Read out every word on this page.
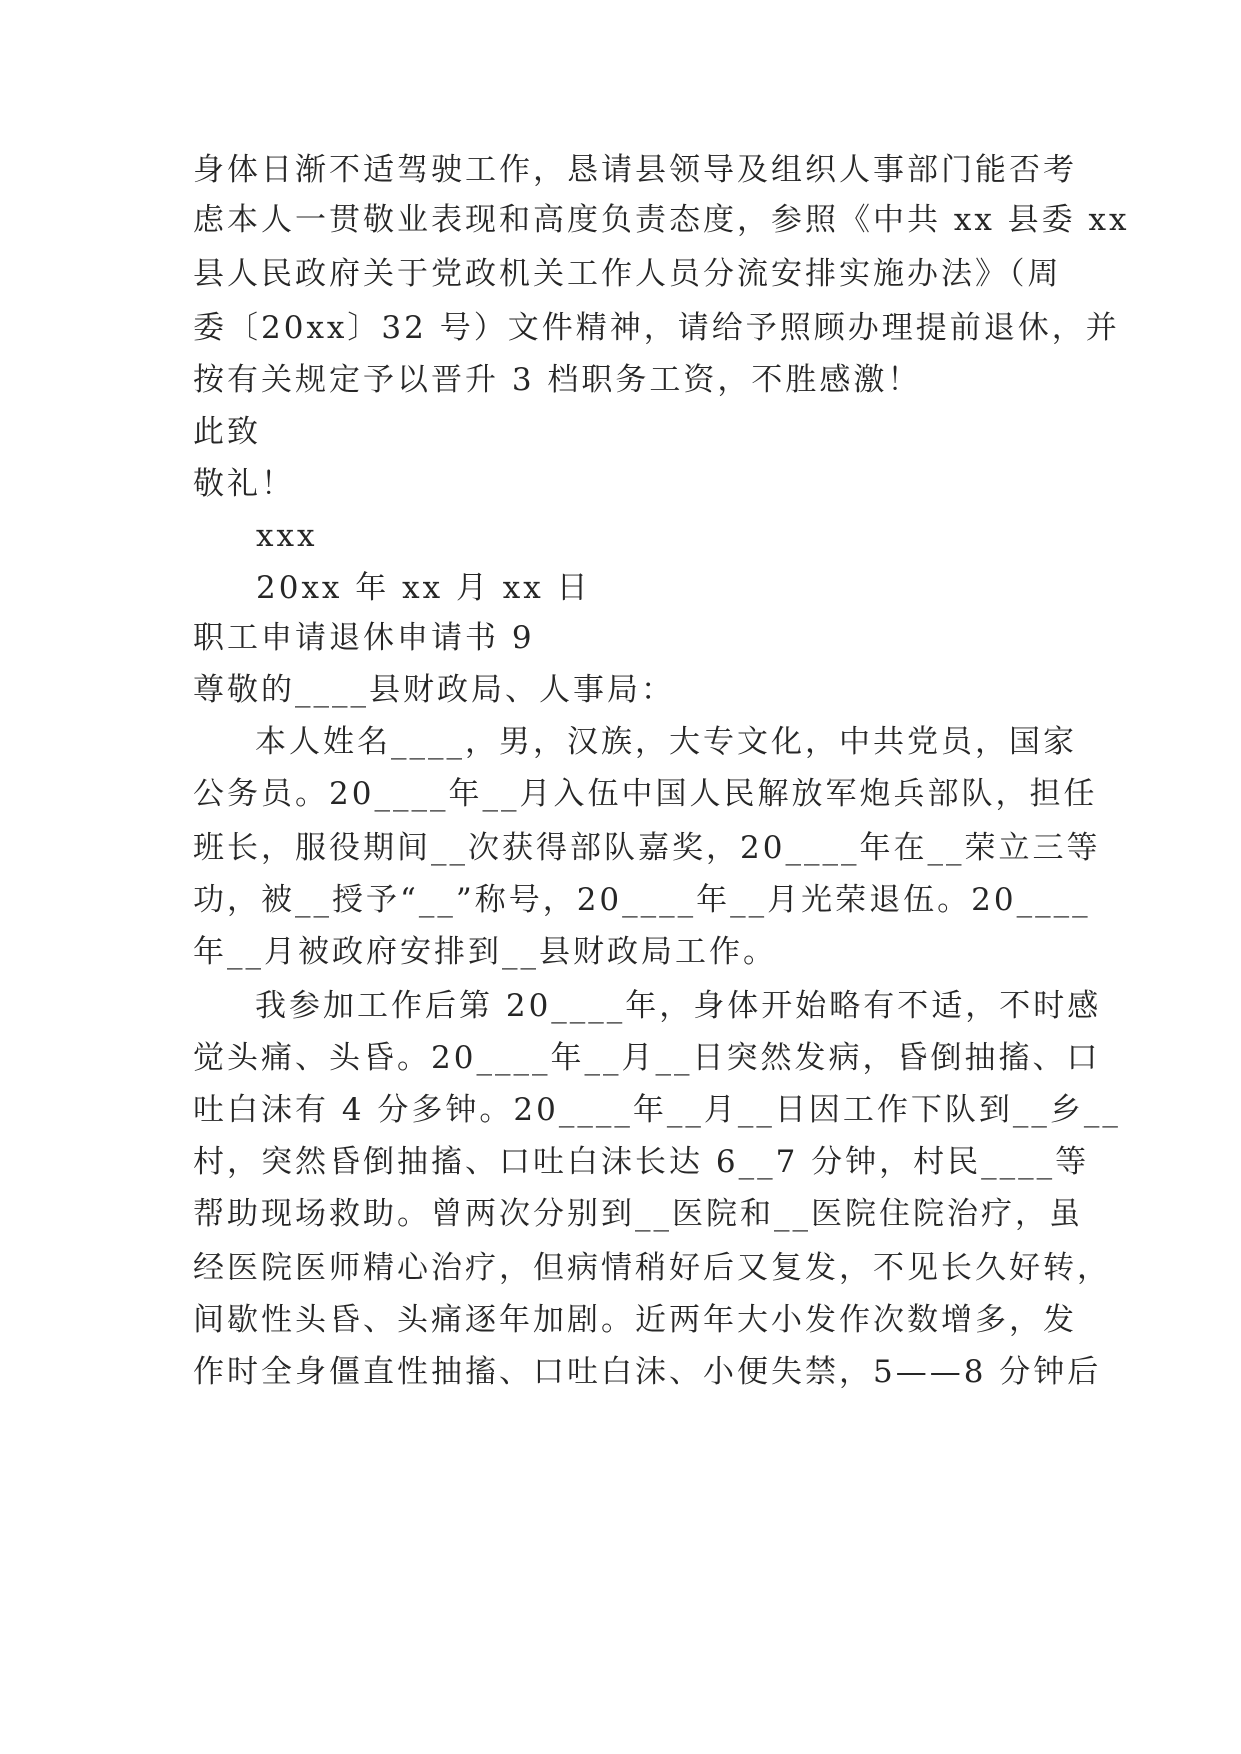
身体日渐不适驾驶工作，恳请县领导及组织人事部门能否考
虑本人一贯敬业表现和高度负责态度，参照《中共 xx 县委 xx
县人民政府关于党政机关工作人员分流安排实施办法》（周
委〔20xx〕32 号）文件精神，请给予照顾办理提前退休，并
按有关规定予以晋升 3 档职务工资，不胜感激！
此致
敬礼！
xxx
20xx 年 xx 月 xx 日
职工申请退休申请书 9
尊敬的____县财政局、人事局：
本人姓名____，男，汉族，大专文化，中共党员，国家
公务员。20____年__月入伍中国人民解放军炮兵部队，担任
班长，服役期间__次获得部队嘉奖，20____年在__荣立三等
功，被__授予“__”称号，20____年__月光荣退伍。20____
年__月被政府安排到__县财政局工作。
我参加工作后第 20____年，身体开始略有不适，不时感
觉头痛、头昏。20____年__月__日突然发病，昏倒抽搐、口
吐白沫有 4 分多钟。20____年__月__日因工作下队到__乡__
村，突然昏倒抽搐、口吐白沫长达 6__7 分钟，村民____等
帮助现场救助。曾两次分别到__医院和__医院住院治疗，虽
经医院医师精心治疗，但病情稍好后又复发，不见长久好转，
间歇性头昏、头痛逐年加剧。近两年大小发作次数增多，发
作时全身僵直性抽搐、口吐白沫、小便失禁，5——8 分钟后
